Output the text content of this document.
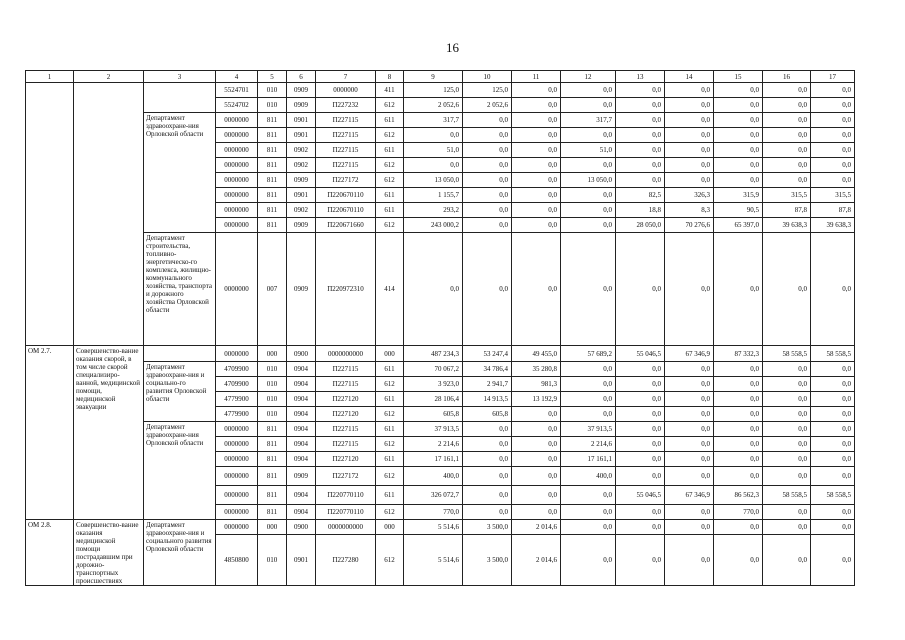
16
1	2	3	4	5	6	7	8	9	10	11	12	13	14	15	16	17
			5524701	010	0909	0000000	411	125,0	125,0	0,0	0,0	0,0	0,0	0,0	0,0	0,0
			5524702	010	0909	П227232	612	2 052,6	2 052,6	0,0	0,0	0,0	0,0	0,0	0,0	0,0
		Департамент здравоохране-ния Орловской области	0000000	811	0901	П227115	611	317,7	0,0	0,0	317,7	0,0	0,0	0,0	0,0	0,0
			0000000	811	0901	П227115	612	0,0	0,0	0,0	0,0	0,0	0,0	0,0	0,0	0,0
			0000000	811	0902	П227115	611	51,0	0,0	0,0	51,0	0,0	0,0	0,0	0,0	0,0
			0000000	811	0902	П227115	612	0,0	0,0	0,0	0,0	0,0	0,0	0,0	0,0	0,0
			0000000	811	0909	П227172	612	13 050,0	0,0	0,0	13 050,0	0,0	0,0	0,0	0,0	0,0
			0000000	811	0901	П220670110	611	1 155,7	0,0	0,0	0,0	82,5	326,3	315,9	315,5	315,5
			0000000	811	0902	П220670110	611	293,2	0,0	0,0	0,0	18,8	8,3	90,5	87,8	87,8
			0000000	811	0909	П220671660	612	243 000,2	0,0	0,0	0,0	28 050,0	70 276,6	65 397,0	39 638,3	39 638,3
		Департамент строительства, топливно-энергетическо-го комплекса, жилищно-коммунального хозяйства, транспорта и дорожного хозяйства Орловской области	0000000	007	0909	П220972310	414	0,0	0,0	0,0	0,0	0,0	0,0	0,0	0,0	0,0
ОМ 2.7.	Совершенство-вание оказания скорой, в том числе скорой специализиро-ванной, медицинской помощи, медицинской эвакуации		0000000	000	0900	0000000000	000	487 234,3	53 247,4	49 455,0	57 689,2	55 046,5	67 346,9	87 332,3	58 558,5	58 558,5
		Департамент здравоохране-ния и социально-го развития Орловской области	4709900	010	0904	П227115	611	70 067,2	34 786,4	35 280,8	0,0	0,0	0,0	0,0	0,0	0,0
			4709900	010	0904	П227115	612	3 923,0	2 941,7	981,3	0,0	0,0	0,0	0,0	0,0	0,0
			4779900	010	0904	П227120	611	28 106,4	14 913,5	13 192,9	0,0	0,0	0,0	0,0	0,0	0,0
			4779900	010	0904	П227120	612	605,8	605,8	0,0	0,0	0,0	0,0	0,0	0,0	0,0
		Департамент здравоохране-ния Орловской области	0000000	811	0904	П227115	611	37 913,5	0,0	0,0	37 913,5	0,0	0,0	0,0	0,0	0,0
			0000000	811	0904	П227115	612	2 214,6	0,0	0,0	2 214,6	0,0	0,0	0,0	0,0	0,0
			0000000	811	0904	П227120	611	17 161,1	0,0	0,0	17 161,1	0,0	0,0	0,0	0,0	0,0
			0000000	811	0909	П227172	612	400,0	0,0	0,0	400,0	0,0	0,0	0,0	0,0	0,0
			0000000	811	0904	П220770110	611	326 072,7	0,0	0,0	0,0	55 046,5	67 346,9	86 562,3	58 558,5	58 558,5
			0000000	811	0904	П220770110	612	770,0	0,0	0,0	0,0	0,0	0,0	770,0	0,0	0,0
ОМ 2.8.	Совершенство-вание оказания медицинской помощи пострадавшим при дорожно-транспортных происшествиях	Департамент здравоохране-ния и социального развития Орловской области	0000000	000	0900	0000000000	000	5 514,6	3 500,0	2 014,6	0,0	0,0	0,0	0,0	0,0	0,0
			4850800	010	0901	П227280	612	5 514,6	3 500,0	2 014,6	0,0	0,0	0,0	0,0	0,0	0,0
